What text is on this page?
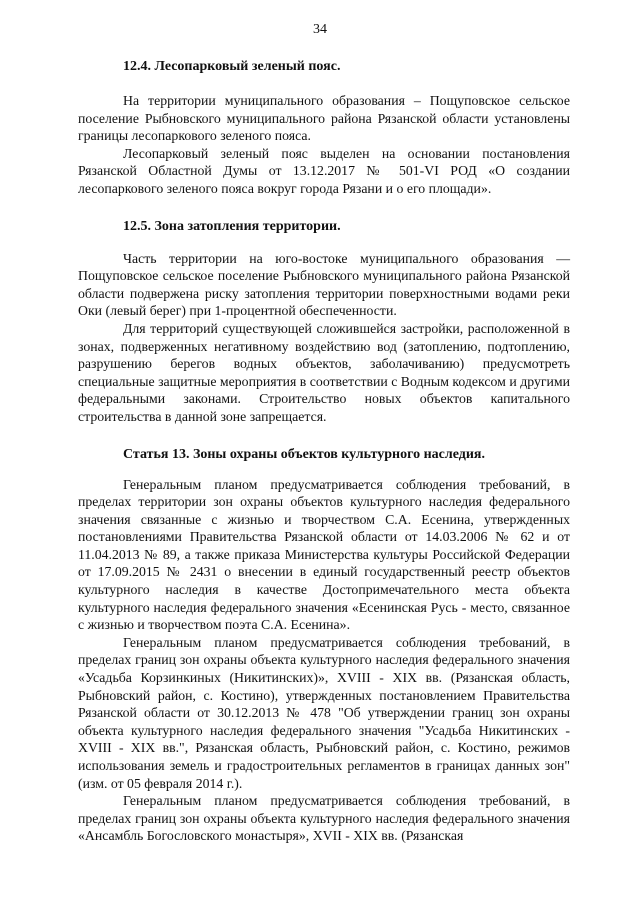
34
12.4. Лесопарковый зеленый пояс.

На территории муниципального образования – Пощуповское сельское поселение Рыбновского муниципального района Рязанской области установлены границы лесопаркового зеленого пояса.

Лесопарковый зеленый пояс выделен на основании постановления Рязанской Областной Думы от 13.12.2017 № 501-VI РОД «О создании лесопаркового зеленого пояса вокруг города Рязани и о его площади».

12.5. Зона затопления территории.

Часть территории на юго-востоке муниципального образования — Пощуповское сельское поселение Рыбновского муниципального района Рязанской области подвержена риску затопления территории поверхностными водами реки Оки (левый берег) при 1-процентной обеспеченности.

Для территорий существующей сложившейся застройки, расположенной в зонах, подверженных негативному воздействию вод (затоплению, подтоплению, разрушению берегов водных объектов, заболачиванию) предусмотреть специальные защитные мероприятия в соответствии с Водным кодексом и другими федеральными законами. Строительство новых объектов капитального строительства в данной зоне запрещается.

Статья 13. Зоны охраны объектов культурного наследия.

Генеральным планом предусматривается соблюдения требований, в пределах территории зон охраны объектов культурного наследия федерального значения связанные с жизнью и творчеством С.А. Есенина, утвержденных постановлениями Правительства Рязанской области от 14.03.2006 № 62 и от 11.04.2013 № 89, а также приказа Министерства культуры Российской Федерации от 17.09.2015 № 2431 о внесении в единый государственный реестр объектов культурного наследия в качестве Достопримечательного места объекта культурного наследия федерального значения «Есенинская Русь - место, связанное с жизнью и творчеством поэта С.А. Есенина».

Генеральным планом предусматривается соблюдения требований, в пределах границ зон охраны объекта культурного наследия федерального значения «Усадьба Корзинкиных (Никитинских)», XVIII - XIX вв. (Рязанская область, Рыбновский район, с. Костино), утвержденных постановлением Правительства Рязанской области от 30.12.2013 № 478 "Об утверждении границ зон охраны объекта культурного наследия федерального значения "Усадьба Никитинских - XVIII - XIX вв.", Рязанская область, Рыбновский район, с. Костино, режимов использования земель и градостроительных регламентов в границах данных зон" (изм. от 05 февраля 2014 г.).

Генеральным планом предусматривается соблюдения требований, в пределах границ зон охраны объекта культурного наследия федерального значения «Ансамбль Богословского монастыря», XVII - XIX вв. (Рязанская
